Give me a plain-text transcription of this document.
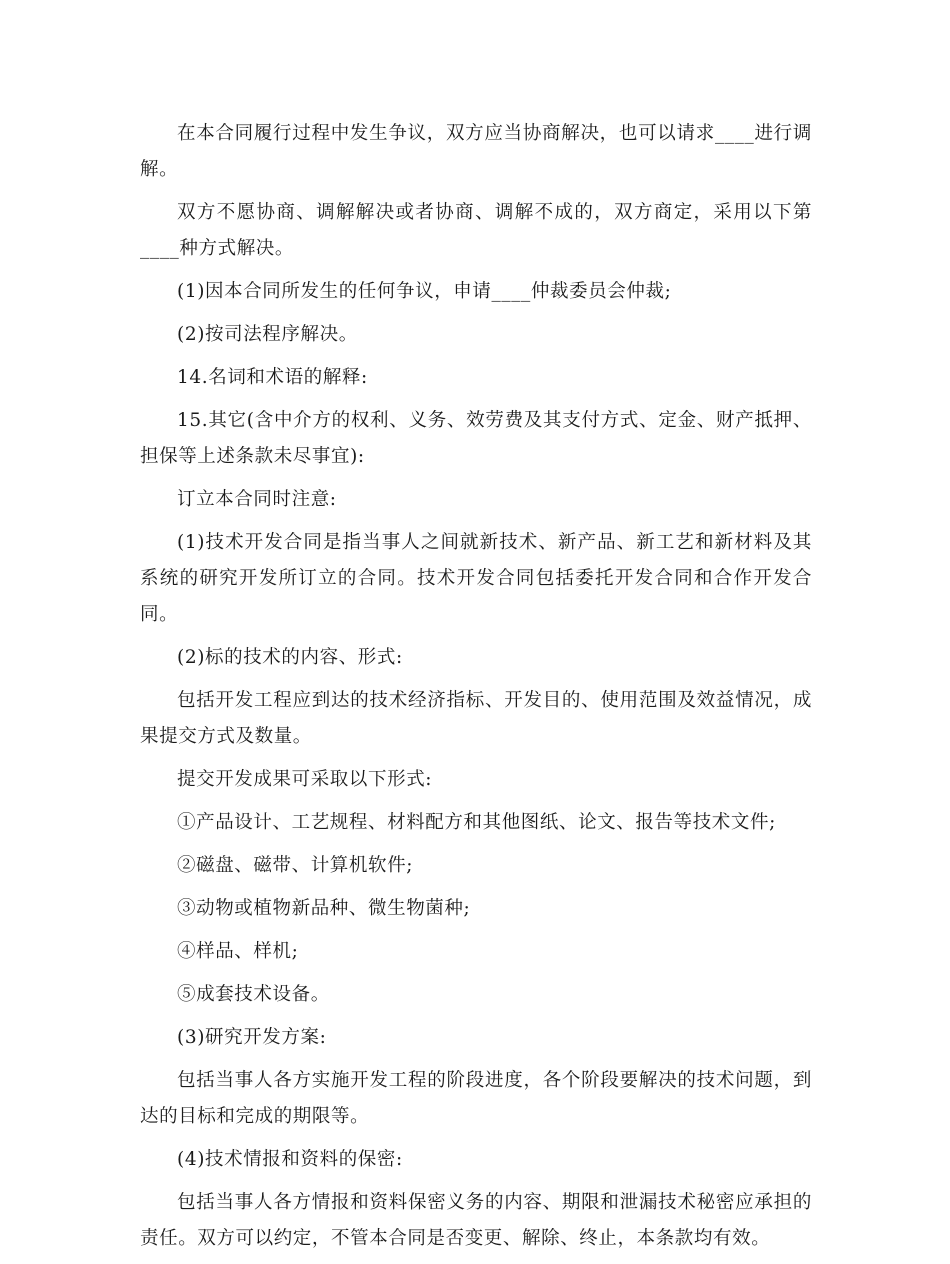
在本合同履行过程中发生争议，双方应当协商解决，也可以请求____进行调解。

双方不愿协商、调解解决或者协商、调解不成的，双方商定，采用以下第____种方式解决。

(1)因本合同所发生的任何争议，申请____仲裁委员会仲裁;

(2)按司法程序解决。

14.名词和术语的解释:

15.其它(含中介方的权利、义务、效劳费及其支付方式、定金、财产抵押、担保等上述条款未尽事宜):

订立本合同时注意:

(1)技术开发合同是指当事人之间就新技术、新产品、新工艺和新材料及其系统的研究开发所订立的合同。技术开发合同包括委托开发合同和合作开发合同。

(2)标的技术的内容、形式:

包括开发工程应到达的技术经济指标、开发目的、使用范围及效益情况，成果提交方式及数量。

提交开发成果可采取以下形式:

①产品设计、工艺规程、材料配方和其他图纸、论文、报告等技术文件;

②磁盘、磁带、计算机软件;

③动物或植物新品种、微生物菌种;

④样品、样机;

⑤成套技术设备。

(3)研究开发方案:

包括当事人各方实施开发工程的阶段进度，各个阶段要解决的技术问题，到达的目标和完成的期限等。

(4)技术情报和资料的保密:

包括当事人各方情报和资料保密义务的内容、期限和泄漏技术秘密应承担的责任。双方可以约定，不管本合同是否变更、解除、终止，本条款均有效。
